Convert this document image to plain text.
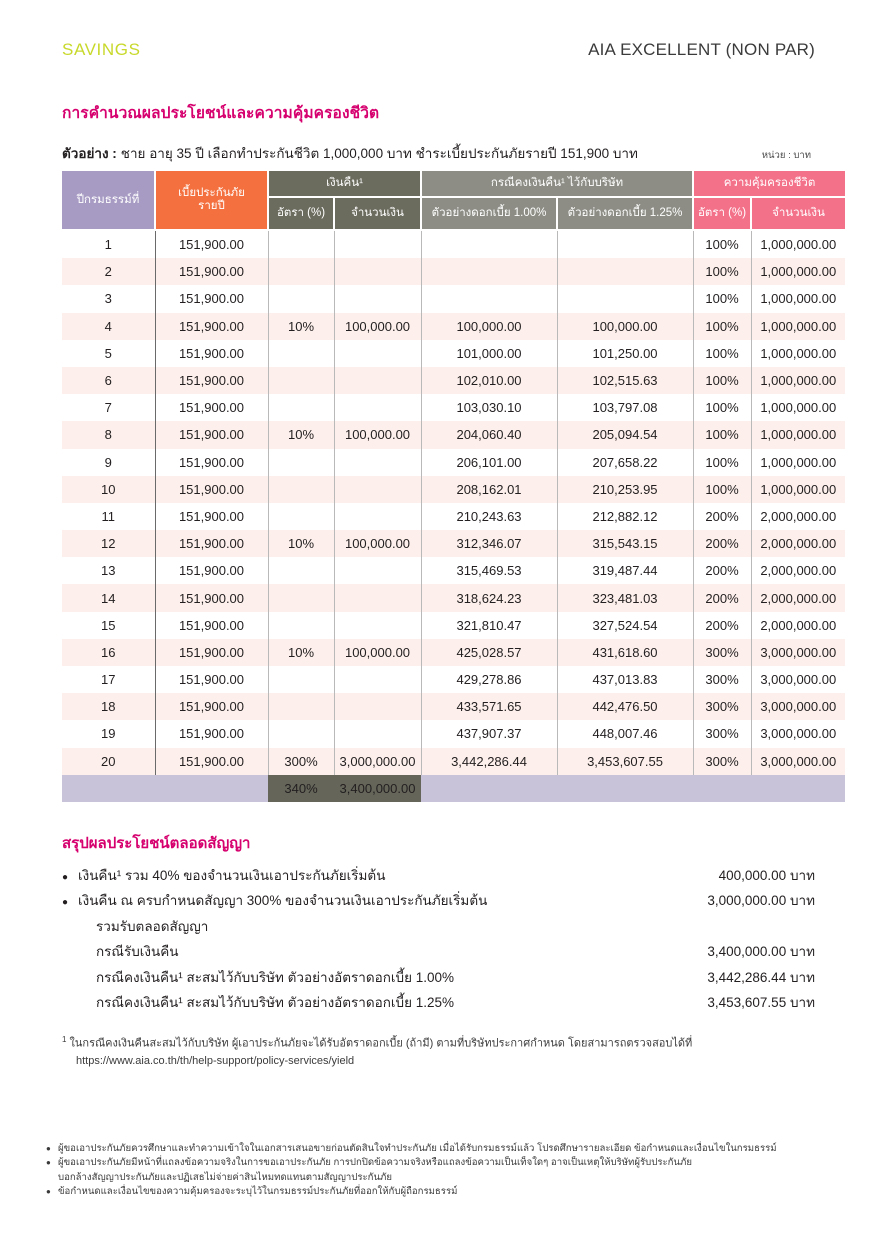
SAVINGS	AIA EXCELLENT (NON PAR)
การคำนวณผลประโยชน์และความคุ้มครองชีวิต
ตัวอย่าง : ชาย อายุ 35 ปี เลือกทำประกันชีวิต 1,000,000 บาท ชำระเบี้ยประกันภัยรายปี 151,900 บาท	หน่วย : บาท
ปีกรมธรรม์ที่	เบี้ยประกันภัย
รายปี	เงินคืน¹		กรณีคงเงินคืน¹ ไว้กับบริษัท		ความคุ้มครองชีวิต	
		อัตรา (%)	จำนวนเงิน	ตัวอย่างดอกเบี้ย 1.00%	ตัวอย่างดอกเบี้ย 1.25%	อัตรา (%)	จำนวนเงิน
1	151,900.00					100%	1,000,000.00
2	151,900.00					100%	1,000,000.00
3	151,900.00					100%	1,000,000.00
4	151,900.00	10%	100,000.00	100,000.00	100,000.00	100%	1,000,000.00
5	151,900.00			101,000.00	101,250.00	100%	1,000,000.00
6	151,900.00			102,010.00	102,515.63	100%	1,000,000.00
7	151,900.00			103,030.10	103,797.08	100%	1,000,000.00
8	151,900.00	10%	100,000.00	204,060.40	205,094.54	100%	1,000,000.00
9	151,900.00			206,101.00	207,658.22	100%	1,000,000.00
10	151,900.00			208,162.01	210,253.95	100%	1,000,000.00
11	151,900.00			210,243.63	212,882.12	200%	2,000,000.00
12	151,900.00	10%	100,000.00	312,346.07	315,543.15	200%	2,000,000.00
13	151,900.00			315,469.53	319,487.44	200%	2,000,000.00
14	151,900.00			318,624.23	323,481.03	200%	2,000,000.00
15	151,900.00			321,810.47	327,524.54	200%	2,000,000.00
16	151,900.00	10%	100,000.00	425,028.57	431,618.60	300%	3,000,000.00
17	151,900.00			429,278.86	437,013.83	300%	3,000,000.00
18	151,900.00			433,571.65	442,476.50	300%	3,000,000.00
19	151,900.00			437,907.37	448,007.46	300%	3,000,000.00
20	151,900.00	300%	3,000,000.00	3,442,286.44	3,453,607.55	300%	3,000,000.00
		340%	3,400,000.00				
สรุปผลประโยชน์ตลอดสัญญา
● เงินคืน¹ รวม 40% ของจำนวนเงินเอาประกันภัยเริ่มต้น	400,000.00 บาท
● เงินคืน ณ ครบกำหนดสัญญา 300% ของจำนวนเงินเอาประกันภัยเริ่มต้น	3,000,000.00 บาท
รวมรับตลอดสัญญา
กรณีรับเงินคืน	3,400,000.00 บาท
กรณีคงเงินคืน¹ สะสมไว้กับบริษัท ตัวอย่างอัตราดอกเบี้ย 1.00%	3,442,286.44 บาท
กรณีคงเงินคืน¹ สะสมไว้กับบริษัท ตัวอย่างอัตราดอกเบี้ย 1.25%	3,453,607.55 บาท
$^1$ ในกรณีคงเงินคืนสะสมไว้กับบริษัท ผู้เอาประกันภัยจะได้รับอัตราดอกเบี้ย (ถ้ามี) ตามที่บริษัทประกาศกำหนด โดยสามารถตรวจสอบได้ที่
https://www.aia.co.th/th/help-support/policy-services/yield
● ผู้ขอเอาประกันภัยควรศึกษาและทำความเข้าใจในเอกสารเสนอขายก่อนตัดสินใจทำประกันภัย เมื่อได้รับกรมธรรม์แล้ว โปรดศึกษารายละเอียด ข้อกำหนดและเงื่อนไขในกรมธรรม์
● ผู้ขอเอาประกันภัยมีหน้าที่แถลงข้อความจริงในการขอเอาประกันภัย การปกปิดข้อความจริงหรือแถลงข้อความเป็นเท็จใดๆ อาจเป็นเหตุให้บริษัทผู้รับประกันภัย
บอกล้างสัญญาประกันภัยและปฏิเสธไม่จ่ายค่าสินไหมทดแทนตามสัญญาประกันภัย
● ข้อกำหนดและเงื่อนไขของความคุ้มครองจะระบุไว้ในกรมธรรม์ประกันภัยที่ออกให้กับผู้ถือกรมธรรม์
